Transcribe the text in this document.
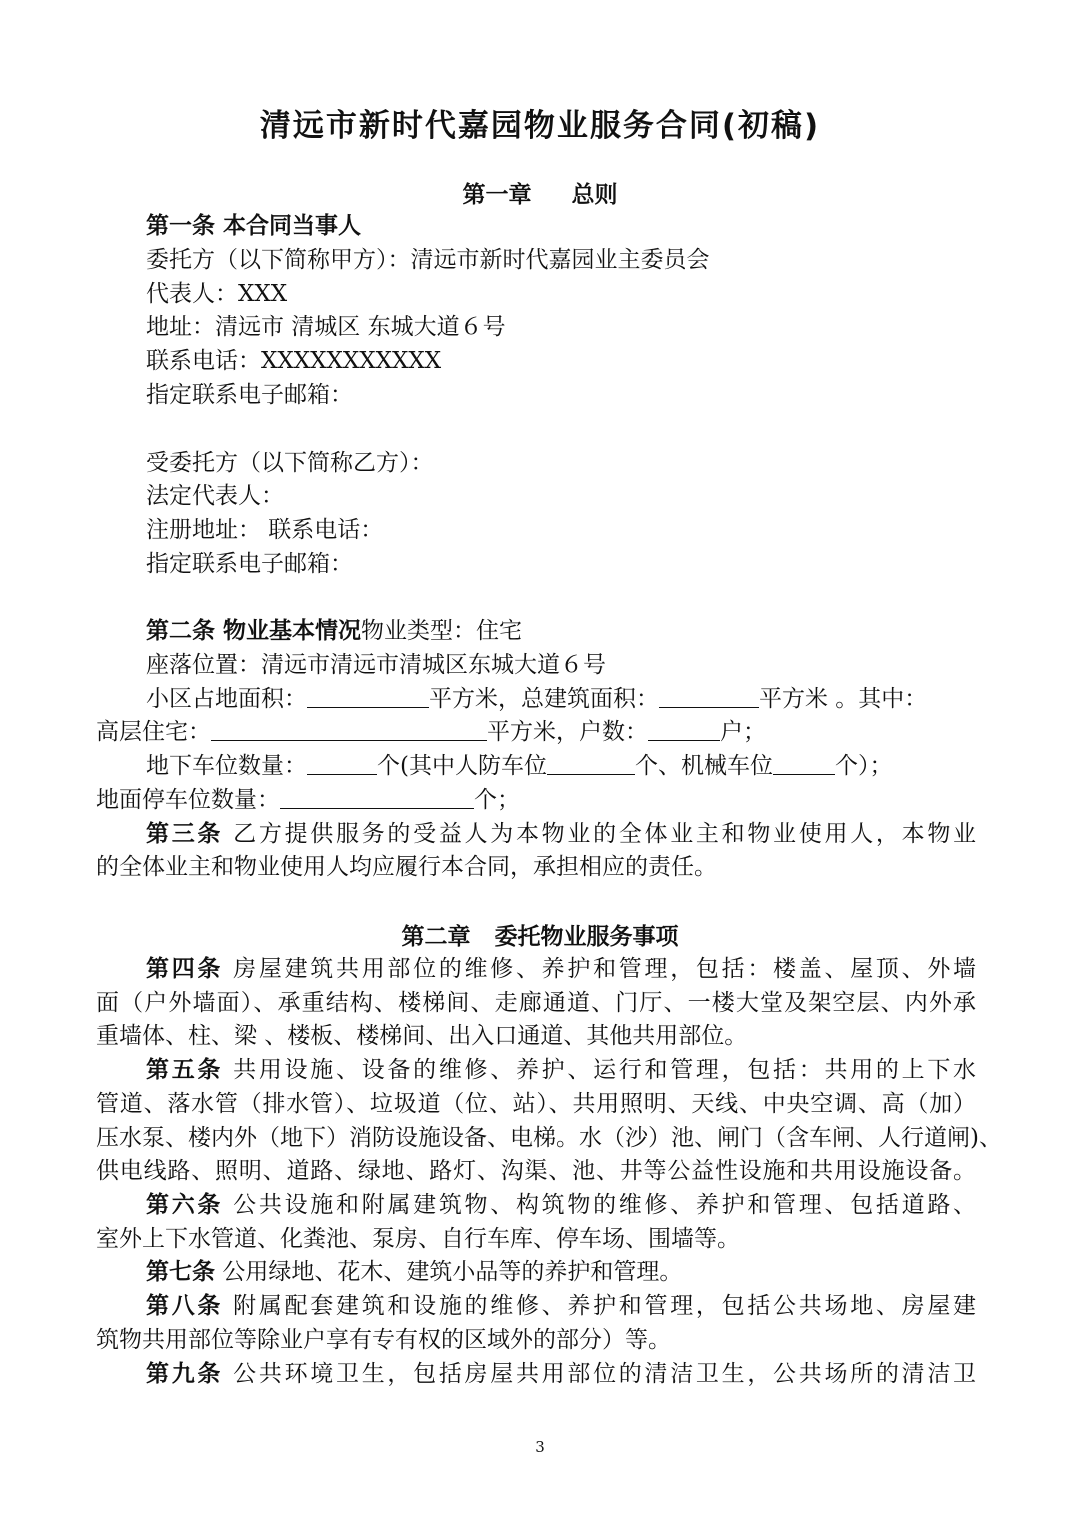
清远市新时代嘉园物业服务合同(初稿)
第一章 总则
第一条 本合同当事人
委托方（以下简称甲方）：清远市新时代嘉园业主委员会
代表人：XXX
地址：清远市 清城区 东城大道６号
联系电话：XXXXXXXXXXX
指定联系电子邮箱：
受委托方（以下简称乙方）：
法定代表人：
注册地址： 联系电话：
指定联系电子邮箱：
第二条 物业基本情况物业类型：住宅
座落位置：清远市清远市清城区东城大道６号
小区占地面积：	平方米，总建筑面积：	平方米 。其中：
高层住宅：	平方米，户数：	户；
地下车位数量：	个(其中人防车位	个、机械车位	个）；
地面停车位数量：	个；
第三条 乙方提供服务的受益人为本物业的全体业主和物业使用人，本物业
的全体业主和物业使用人均应履行本合同，承担相应的责任。
第二章 委托物业服务事项
第四条 房屋建筑共用部位的维修、养护和管理，包括：楼盖、屋顶、外墙
面（户外墙面）、承重结构、楼梯间、走廊通道、门厅、一楼大堂及架空层、内外承
重墙体、柱、梁 、楼板、楼梯间、出入口通道、其他共用部位。
第五条 共用设施、设备的维修、养护、运行和管理，包括：共用的上下水
管道、落水管（排水管）、垃圾道（位、站）、共用照明、天线、中央空调、高（加）
压水泵、楼内外（地下）消防设施设备、电梯。水（沙）池、闸门（含车闸、人行道闸)、
供电线路、照明、道路、绿地、路灯、沟渠、池、井等公益性设施和共用设施设备。
第六条 公共设施和附属建筑物、构筑物的维修、养护和管理、包括道路、
室外上下水管道、化粪池、泵房、自行车库、停车场、围墙等。
第七条 公用绿地、花木、建筑小品等的养护和管理。
第八条 附属配套建筑和设施的维修、养护和管理，包括公共场地、房屋建
筑物共用部位等除业户享有专有权的区域外的部分）等。
第九条 公共环境卫生，包括房屋共用部位的清洁卫生，公共场所的清洁卫
3
